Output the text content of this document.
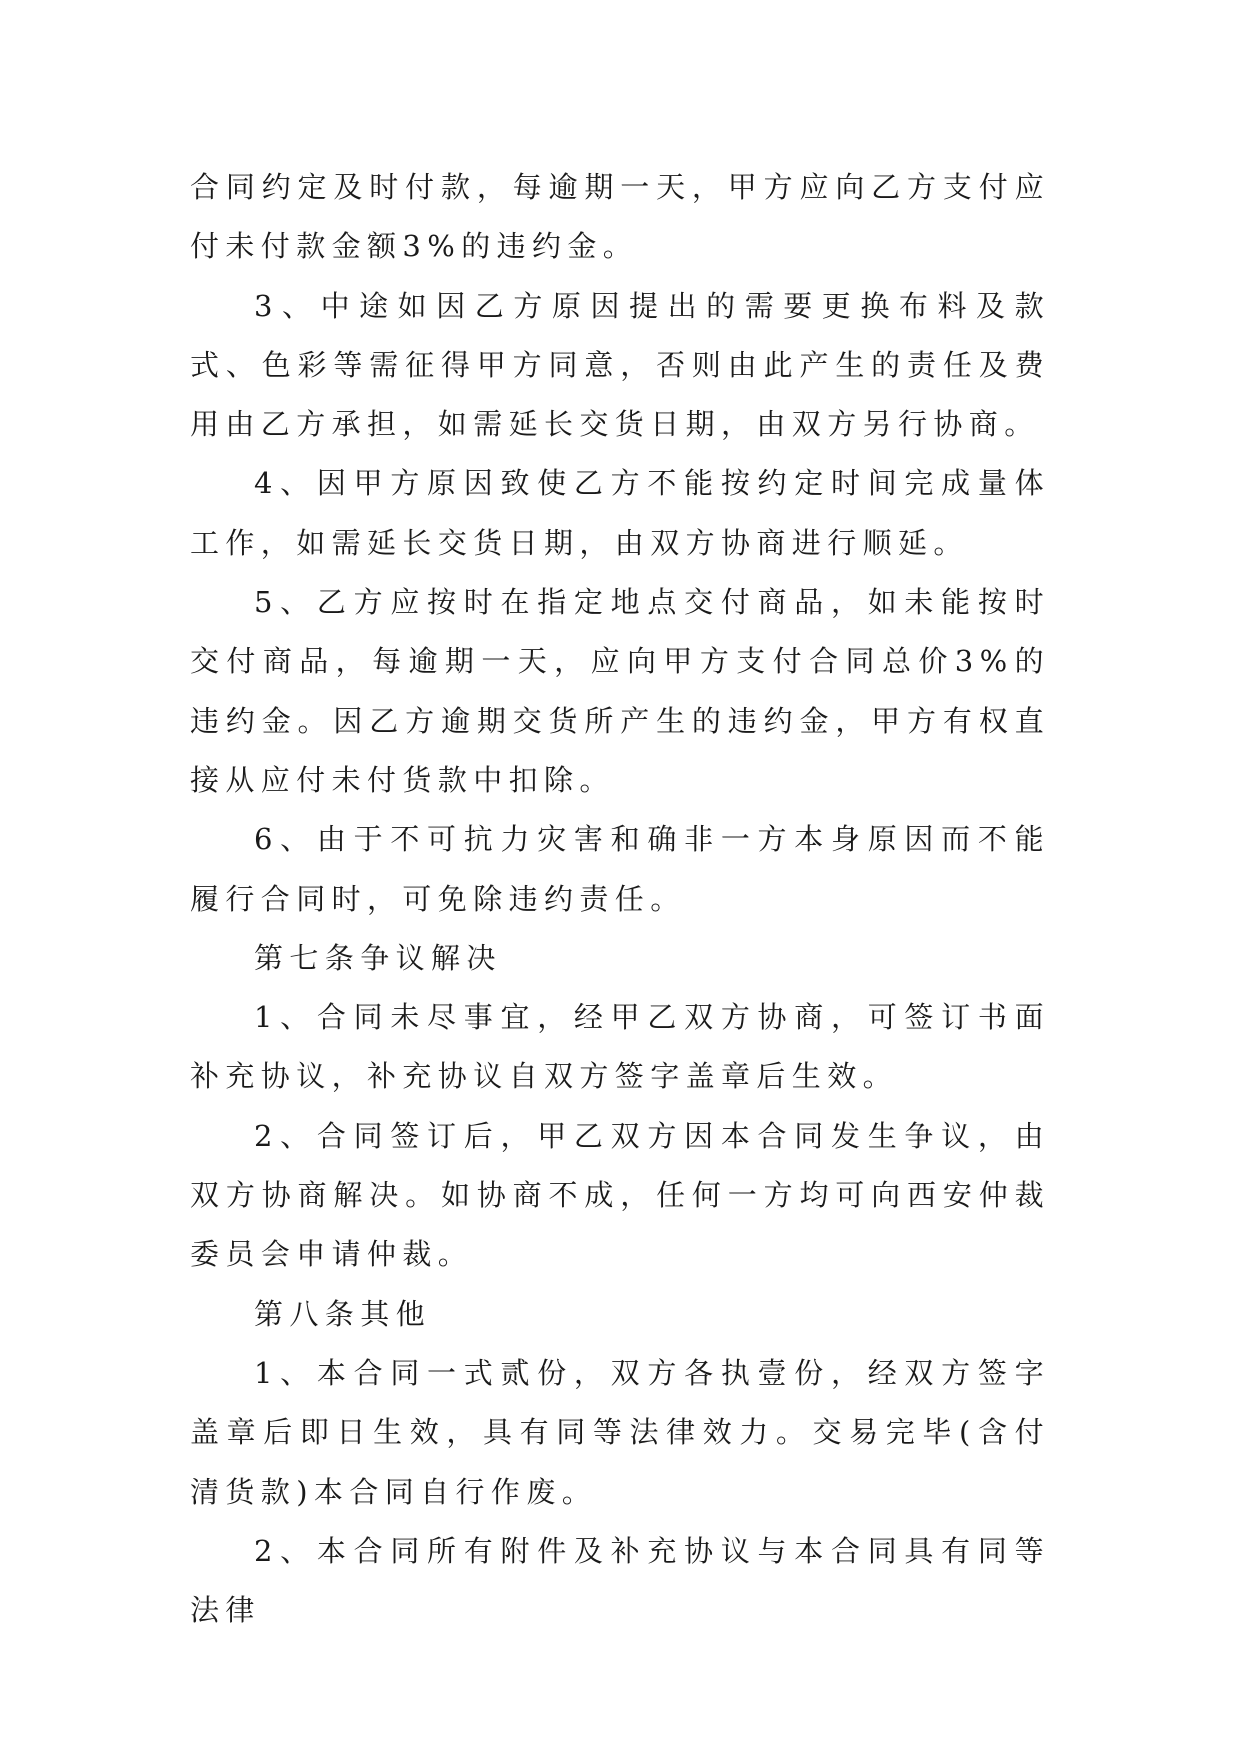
合同约定及时付款，每逾期一天，甲方应向乙方支付应付未付款金额3%的违约金。

3、中途如因乙方原因提出的需要更换布料及款式、色彩等需征得甲方同意，否则由此产生的责任及费用由乙方承担，如需延长交货日期，由双方另行协商。

4、因甲方原因致使乙方不能按约定时间完成量体工作，如需延长交货日期，由双方协商进行顺延。

5、乙方应按时在指定地点交付商品，如未能按时交付商品，每逾期一天，应向甲方支付合同总价3%的违约金。因乙方逾期交货所产生的违约金，甲方有权直接从应付未付货款中扣除。

6、由于不可抗力灾害和确非一方本身原因而不能履行合同时，可免除违约责任。

第七条争议解决

1、合同未尽事宜，经甲乙双方协商，可签订书面补充协议，补充协议自双方签字盖章后生效。

2、合同签订后，甲乙双方因本合同发生争议，由双方协商解决。如协商不成，任何一方均可向西安仲裁委员会申请仲裁。

第八条其他

1、本合同一式贰份，双方各执壹份，经双方签字盖章后即日生效，具有同等法律效力。交易完毕(含付清货款)本合同自行作废。

2、本合同所有附件及补充协议与本合同具有同等法律
